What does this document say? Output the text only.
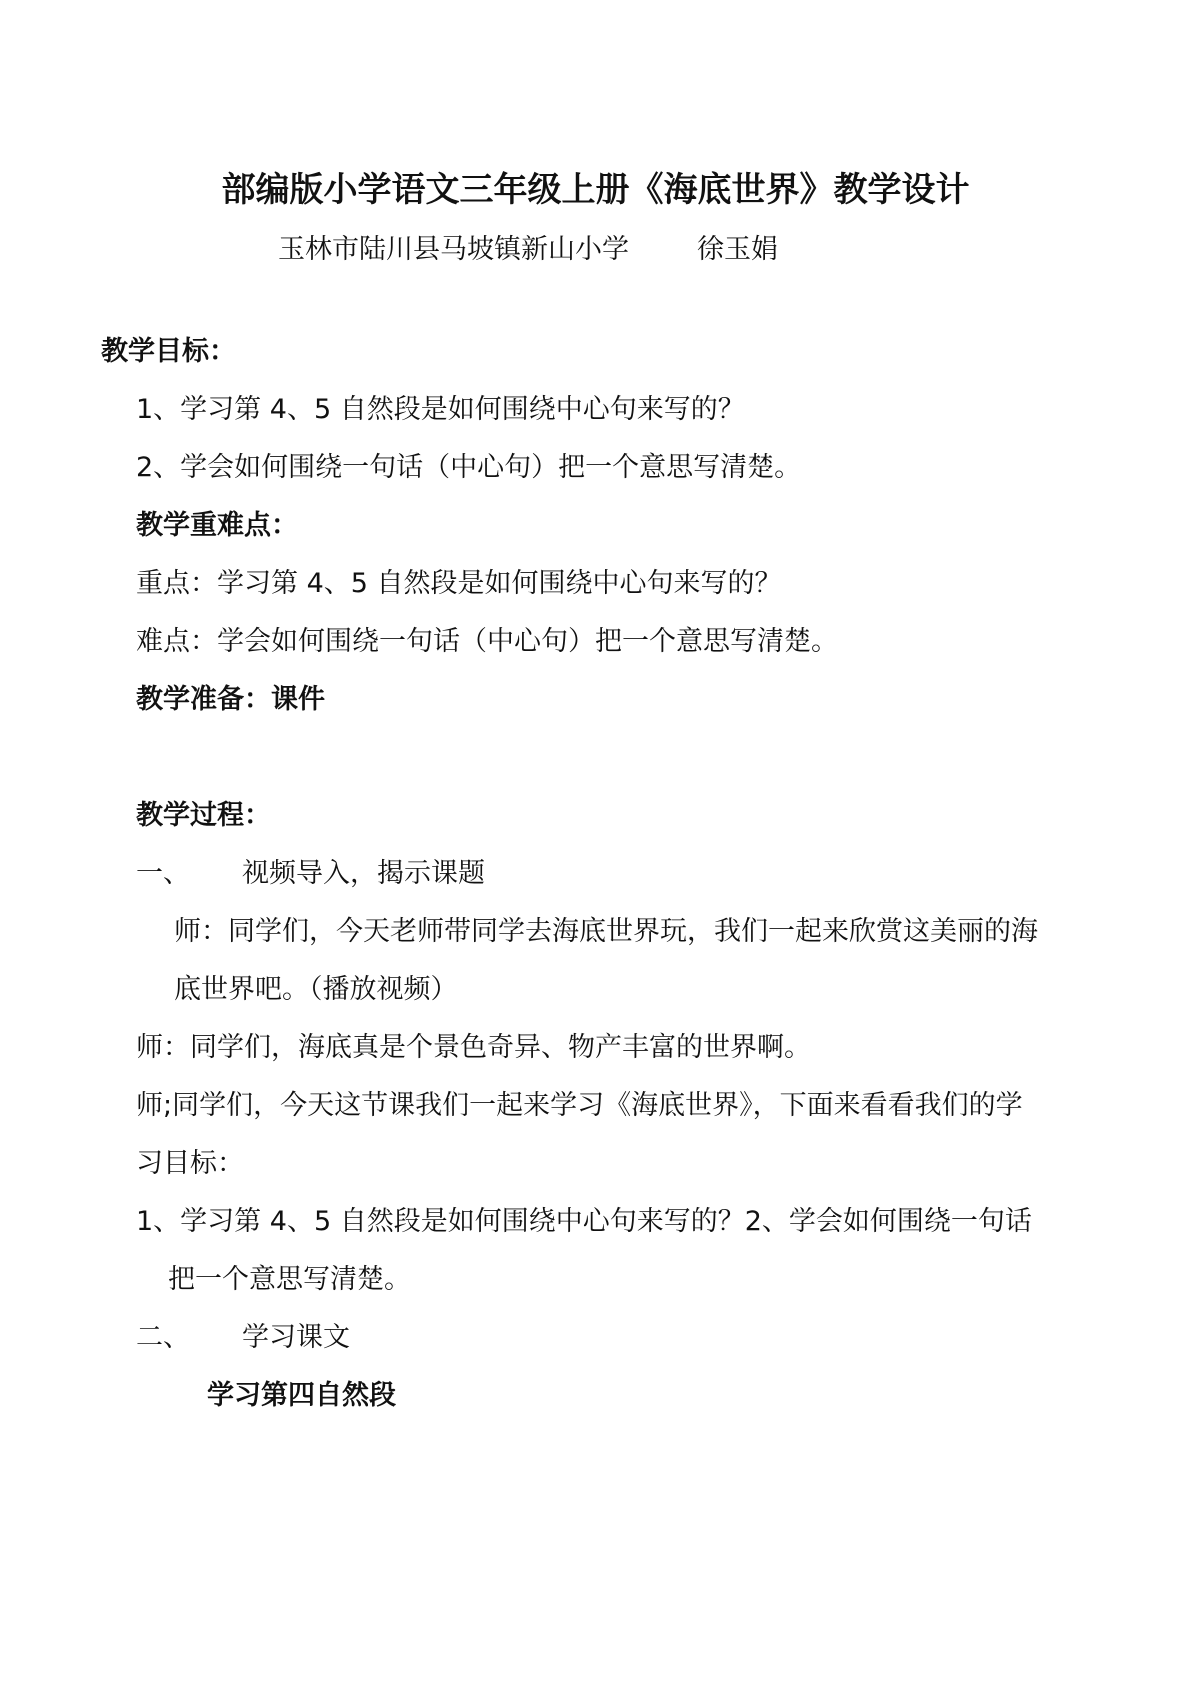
部编版小学语文三年级上册《海底世界》教学设计
玉林市陆川县马坡镇新山小学	徐玉娟
教学目标：
1、学习第 4、5 自然段是如何围绕中心句来写的？
2、学会如何围绕一句话（中心句）把一个意思写清楚。
教学重难点：
重点：学习第 4、5 自然段是如何围绕中心句来写的？
难点：学会如何围绕一句话（中心句）把一个意思写清楚。
教学准备：课件
教学过程：
一、 视频导入，揭示课题
师：同学们，今天老师带同学去海底世界玩，我们一起来欣赏这美丽的海
底世界吧。（播放视频）
师：同学们，海底真是个景色奇异、物产丰富的世界啊。
师;同学们，今天这节课我们一起来学习《海底世界》，下面来看看我们的学
习目标：
1、学习第 4、5 自然段是如何围绕中心句来写的？2、学会如何围绕一句话
把一个意思写清楚。
二、 学习课文
学习第四自然段
